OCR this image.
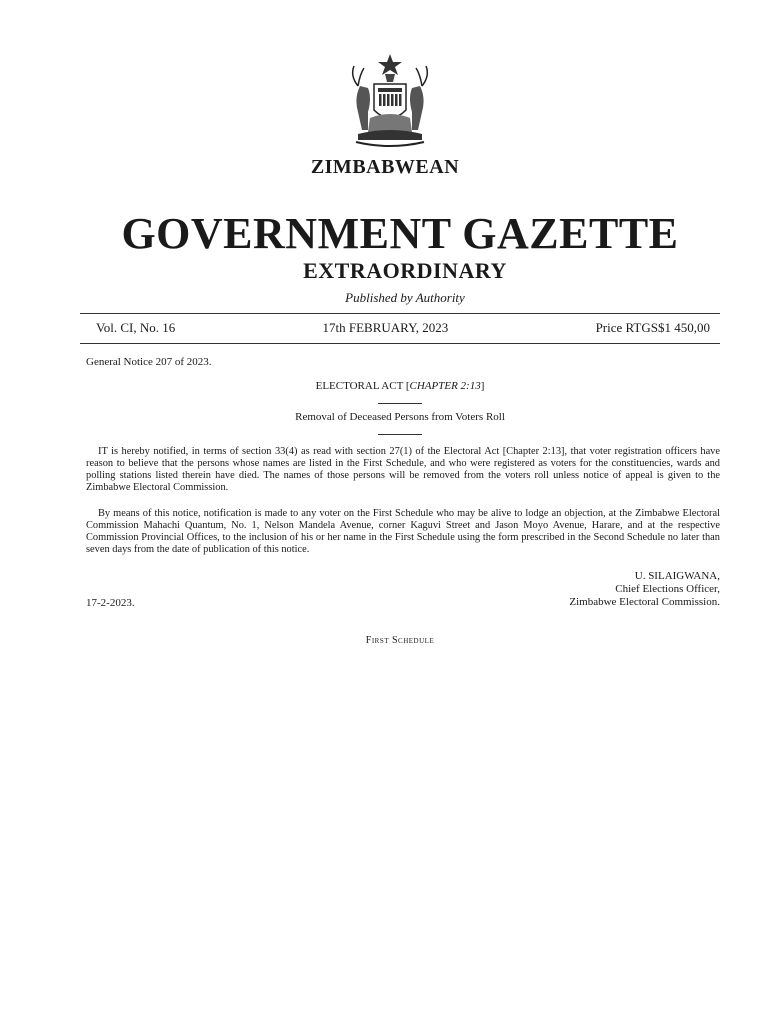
ZIMBABWEAN
GOVERNMENT GAZETTE
EXTRAORDINARY
Published by Authority
Vol. CI, No. 16	17th FEBRUARY, 2023	Price RTGS$1 450,00
General Notice 207 of 2023.
ELECTORAL ACT [CHAPTER 2:13]
Removal of Deceased Persons from Voters Roll

IT is hereby notified, in terms of section 33(4) as read with section 27(1) of the Electoral Act [Chapter 2:13], that voter registration officers have reason to believe that the persons whose names are listed in the First Schedule, and who were registered as voters for the constituencies, wards and polling stations listed therein have died. The names of those persons will be removed from the voters roll unless notice of appeal is given to the Zimbabwe Electoral Commission.

By means of this notice, notification is made to any voter on the First Schedule who may be alive to lodge an objection, at the Zimbabwe Electoral Commission Mahachi Quantum, No. 1, Nelson Mandela Avenue, corner Kaguvi Street and Jason Moyo Avenue, Harare, and at the respective Commission Provincial Offices, to the inclusion of his or her name in the First Schedule using the form prescribed in the Second Schedule no later than seven days from the date of publication of this notice.

U. SILAIGWANA,
Chief Elections Officer,
Zimbabwe Electoral Commission.
17-2-2023.
First Schedule
